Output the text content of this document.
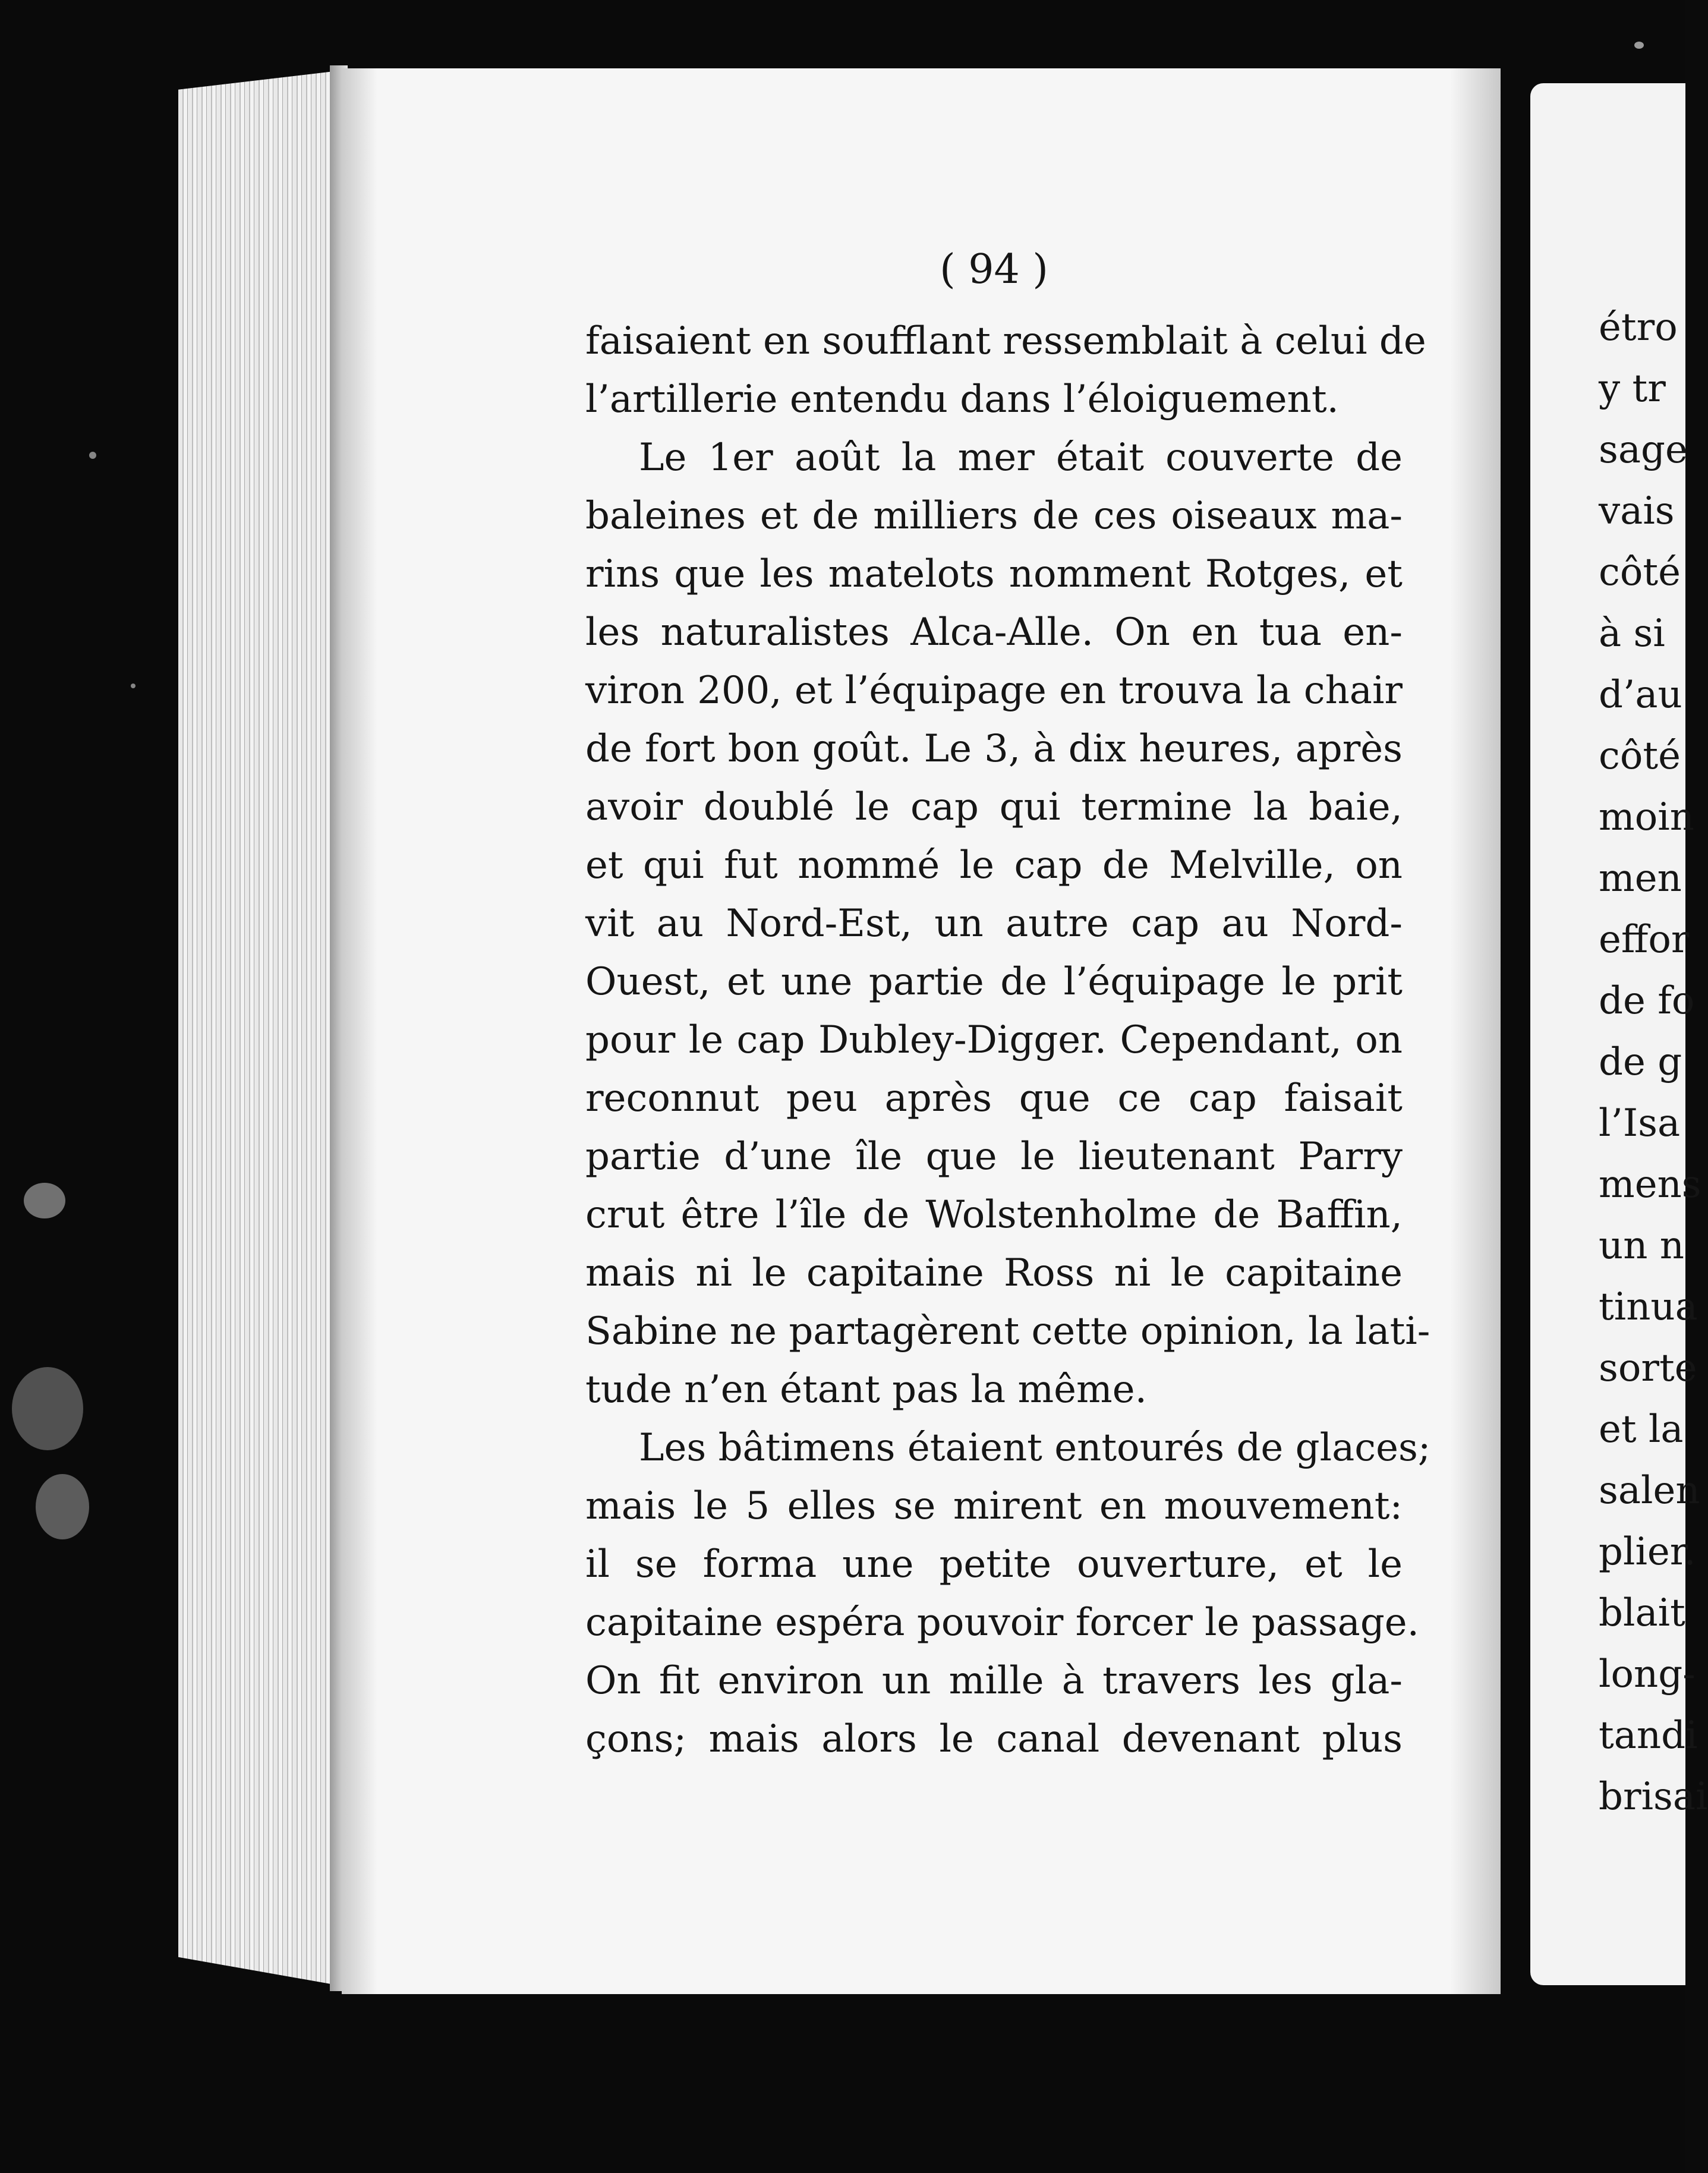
( 94 )
faisaient en soufflant ressemblait à celui de
l’artillerie entendu dans l’éloiguement.
Le 1er août la mer était couverte de
baleines et de milliers de ces oiseaux ma-
rins que les matelots nomment Rotges, et
les naturalistes Alca-Alle. On en tua en-
viron 200, et l’équipage en trouva la chair
de fort bon goût. Le 3, à dix heures, après
avoir doublé le cap qui termine la baie,
et qui fut nommé le cap de Melville, on
vit au Nord-Est, un autre cap au Nord-
Ouest, et une partie de l’équipage le prit
pour le cap Dubley-Digger. Cependant, on
reconnut peu après que ce cap faisait
partie d’une île que le lieutenant Parry
crut être l’île de Wolstenholme de Baffin,
mais ni le capitaine Ross ni le capitaine
Sabine ne partagèrent cette opinion, la lati-
tude n’en étant pas la même.
Les bâtimens étaient entourés de glaces;
mais le 5 elles se mirent en mouvement:
il se forma une petite ouverture, et le
capitaine espéra pouvoir forcer le passage.
On fit environ un mille à travers les gla-
çons; mais alors le canal devenant plus
étro
y tr
sage
vais
côté
à si
d’au
côté
moin
men
effor
de fo
de g
l’Isa
mens
un n
tinua
sorte
et la
salen
plier.
blait
long-
tandi
brisai
